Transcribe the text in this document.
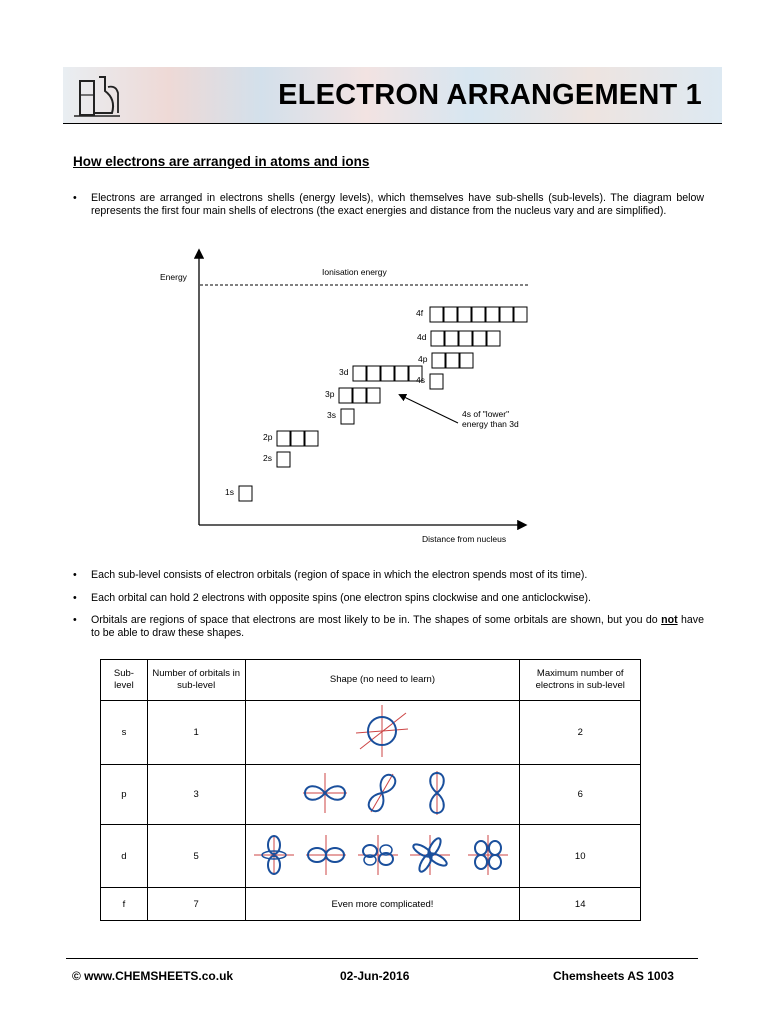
ELECTRON ARRANGEMENT 1
How electrons are arranged in atoms and ions
• Electrons are arranged in electrons shells (energy levels), which themselves have sub-shells (sub-levels). The diagram below represents the first four main shells of electrons (the exact energies and distance from the nucleus vary and are simplified).
Energy
Distance from nucleus
Ionisation energy
1s
2s
2p
3s
3p
3d
4s
4p
4d
4f
4s of "lower"
energy than 3d
• Each sub-level consists of electron orbitals (region of space in which the electron spends most of its time).
• Each orbital can hold 2 electrons with opposite spins (one electron spins clockwise and one anticlockwise).
• Orbitals are regions of space that electrons are most likely to be in. The shapes of some orbitals are shown, but you do not have to be able to draw these shapes.
Sub-level	Number of orbitals in sub-level	Shape (no need to learn)	Maximum number of electrons in sub-level
s	1		2
p	3		6
d	5		10
f	7	Even more complicated!	14
© www.CHEMSHEETS.co.uk	02-Jun-2016	Chemsheets AS 1003
